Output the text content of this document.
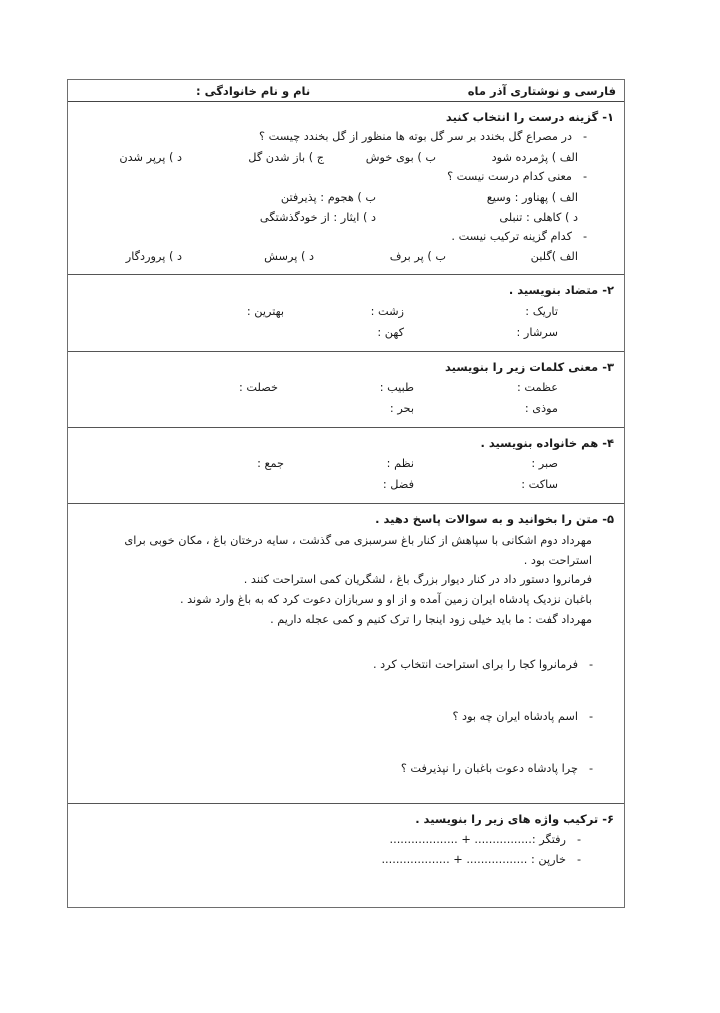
فارسی و نوشتاری آذر ماه
نام و نام خانوادگی :
۱- گزینه درست را انتخاب کنید
-
در مصراع گل بخندد بر سر گل بوته ها منظور از گل بخندد چیست ؟
الف ) پژمرده شود
ب ) بوی خوش
ج ) باز شدن گل
د ) پرپر شدن
-
معنی کدام درست نیست ؟
الف ) پهناور : وسیع
ب ) هجوم : پذیرفتن
د ) کاهلی : تنبلی
د ) ایثار : از خودگذشتگی
-
کدام گزینه ترکیب نیست .
الف )گلبن
ب ) پر برف
د ) پرسش
د ) پروردگار
۲- متضاد بنویسید .
تاریک :
زشت :
بهترین :
سرشار :
کهن :
۳- معنی کلمات زیر را بنویسید
عظمت :
طبیب :
خصلت :
موذی :
بحر :
۴- هم خانواده بنویسید .
صبر :
نظم :
جمع :
ساکت :
فضل :
۵- متن را بخوانید و به سوالات پاسخ دهید .
مهرداد دوم اشکانی با سپاهش از کنار باغ سرسبزی می گذشت ، سایه درختان باغ ، مکان خوبی برای
استراحت بود .
فرمانروا دستور داد در کنار دیوار بزرگ باغ ، لشگریان کمی استراحت کنند .
باغبان نزدیک پادشاه ایران زمین آمده و از او و سربازان دعوت کرد که به باغ وارد شوند .
مهرداد گفت : ما باید خیلی زود اینجا را ترک کنیم و کمی عجله داریم .
-
فرمانروا کجا را برای استراحت انتخاب کرد .
-
اسم پادشاه ایران چه بود ؟
-
چرا پادشاه دعوت باغبان را نپذیرفت ؟
۶- ترکیب واژه های زیر را بنویسید .
-
رفتگر :................ + ...................
-
خارپن : ................. + ...................
